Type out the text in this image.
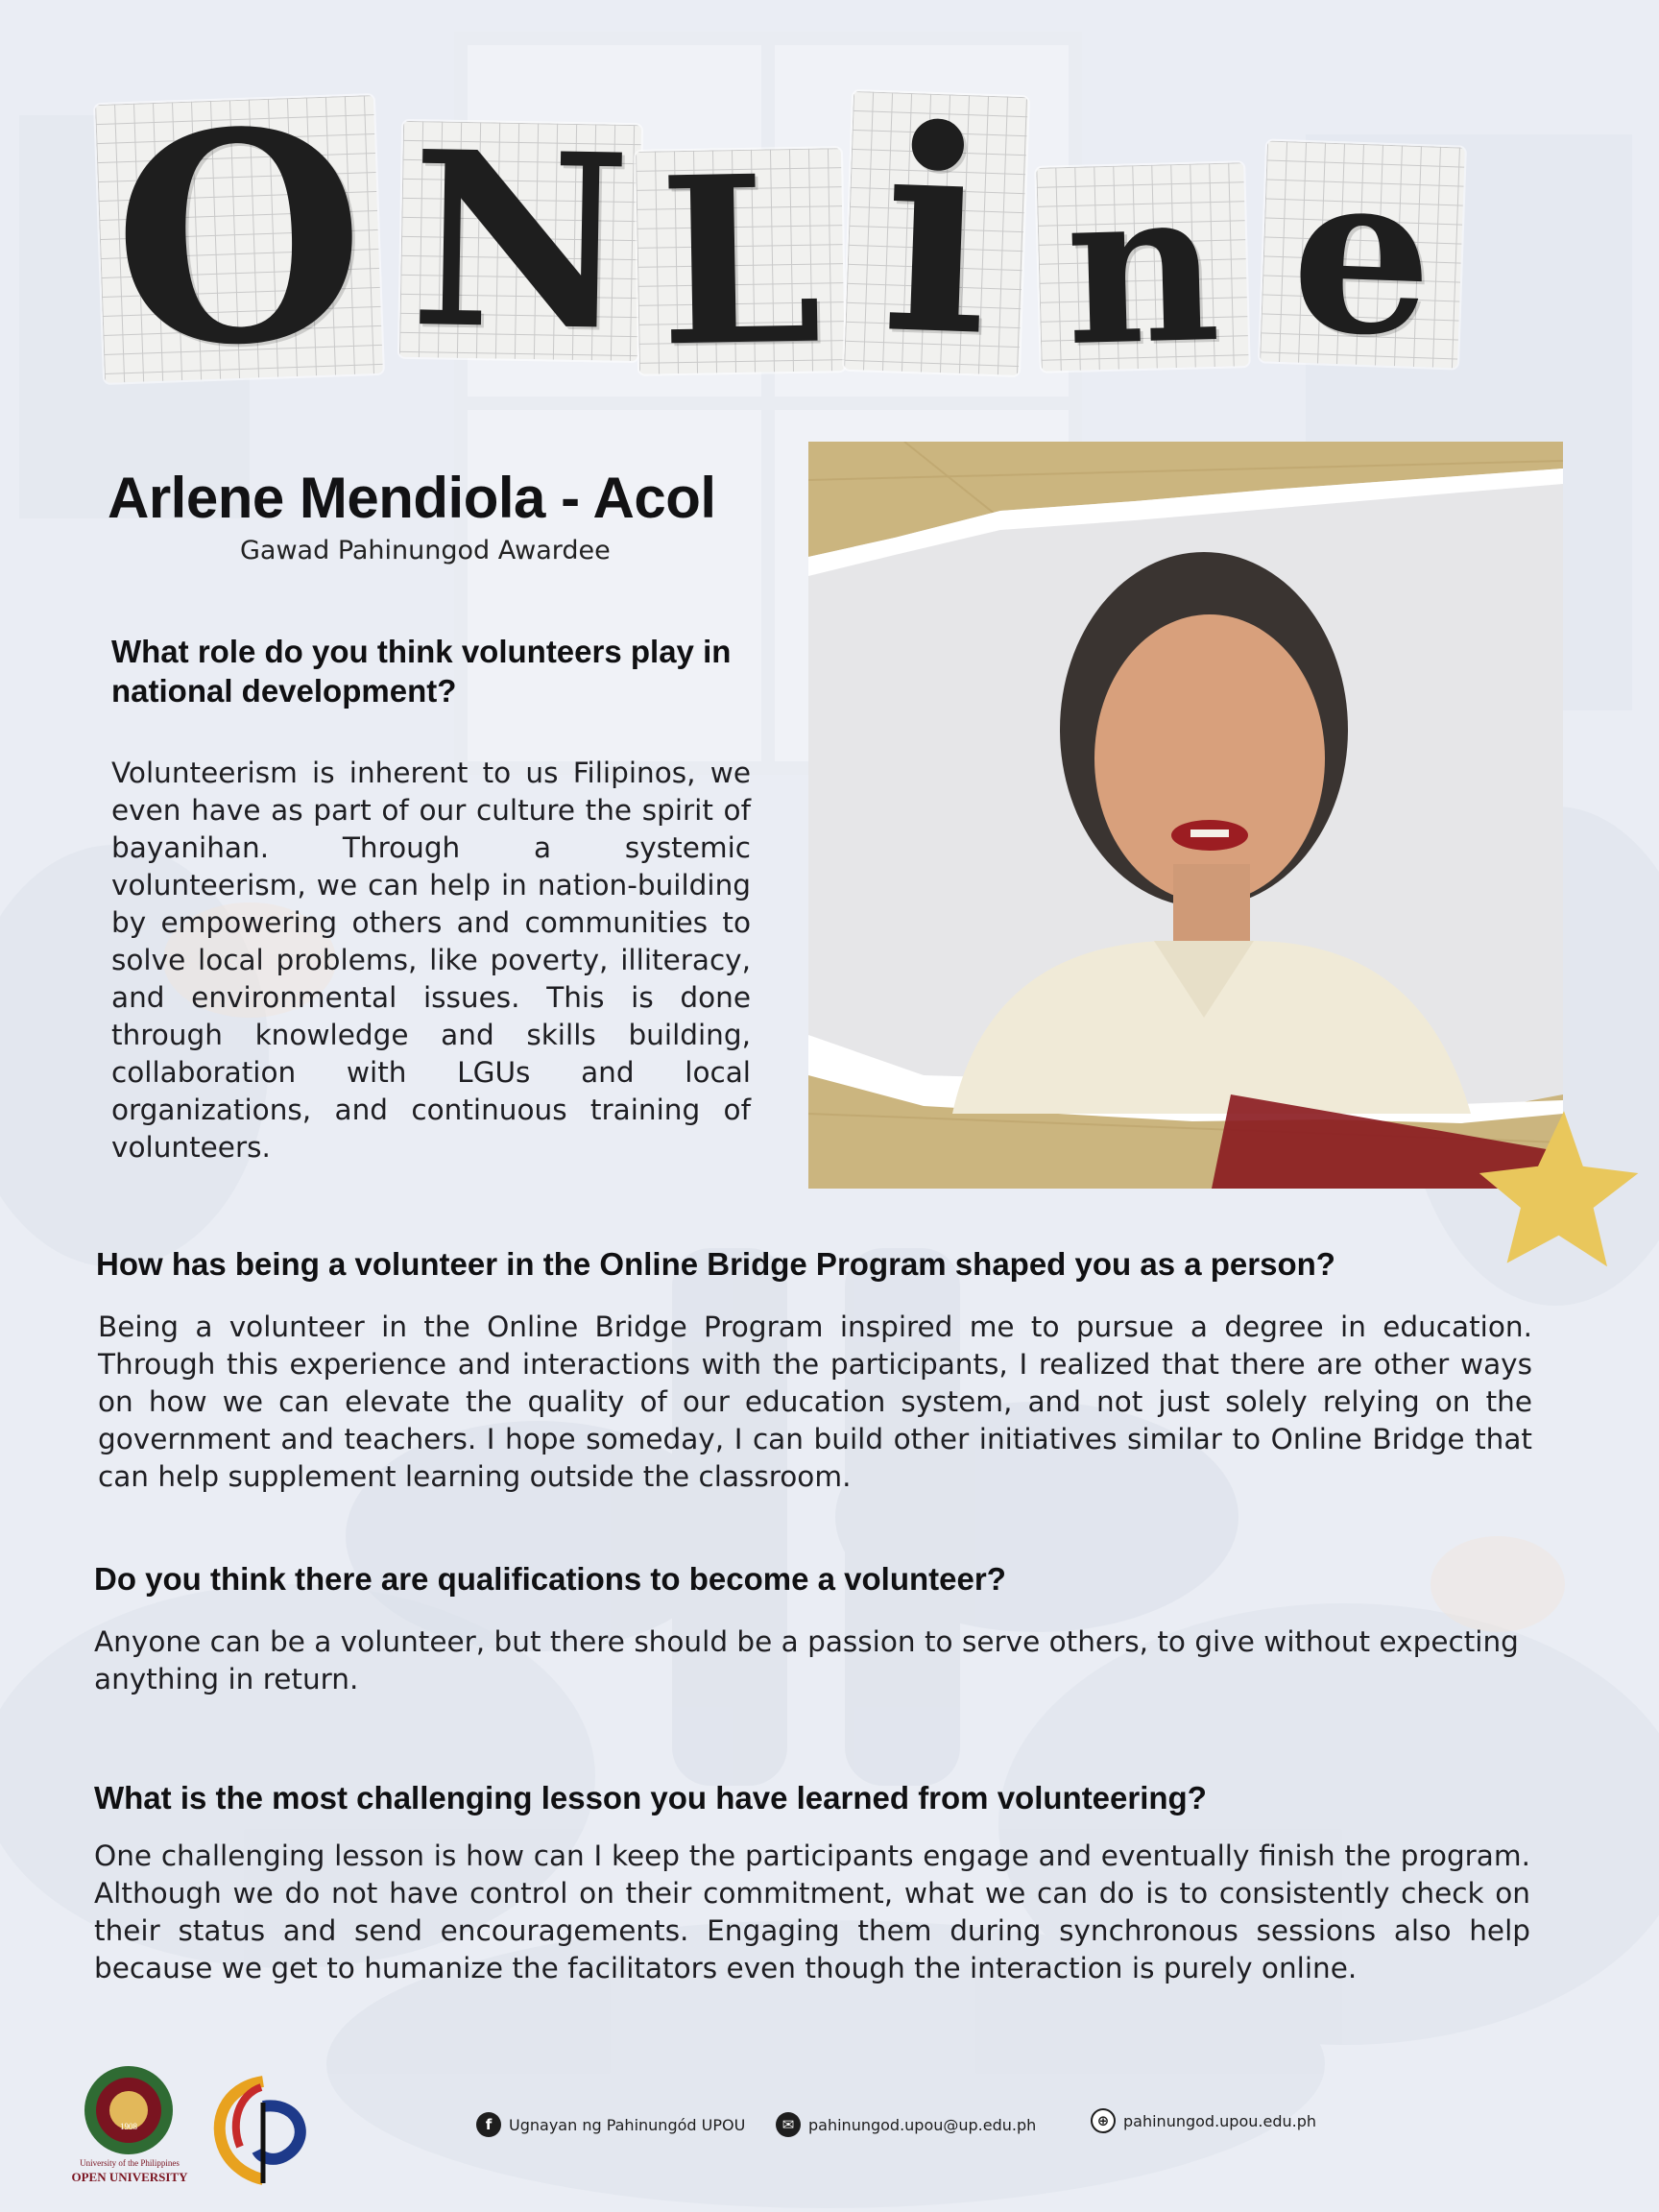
O N L i n e
Arlene Mendiola - Acol
Gawad Pahinungod Awardee
What role do you think volunteers play in national development?
Volunteerism is inherent to us Filipinos, we even have as part of our culture the spirit of bayanihan. Through a systemic volunteerism, we can help in nation-building by empowering others and communities to solve local problems, like poverty, illiteracy, and environmental issues. This is done through knowledge and skills building, collaboration with LGUs and local organizations, and continuous training of volunteers.
How has being a volunteer in the Online Bridge Program shaped you as a person?
Being a volunteer in the Online Bridge Program inspired me to pursue a degree in education. Through this experience and interactions with the participants, I realized that there are other ways on how we can elevate the quality of our education system, and not just solely relying on the government and teachers. I hope someday, I can build other initiatives similar to Online Bridge that can help supplement learning outside the classroom.
Do you think there are qualifications to become a volunteer?
Anyone can be a volunteer, but there should be a passion to serve others, to give without expecting anything in return.
What is the most challenging lesson you have learned from volunteering?
One challenging lesson is how can I keep the participants engage and eventually finish the program. Although we do not have control on their commitment, what we can do is to consistently check on their status and send encouragements. Engaging them during synchronous sessions also help because we get to humanize the facilitators even though the interaction is purely online.
1908
University of the Philippines
OPEN UNIVERSITY
f	Ugnayan ng Pahinungód UPOU	✉ pahinungod.upou@up.edu.ph	⊕ pahinungod.upou.edu.ph
